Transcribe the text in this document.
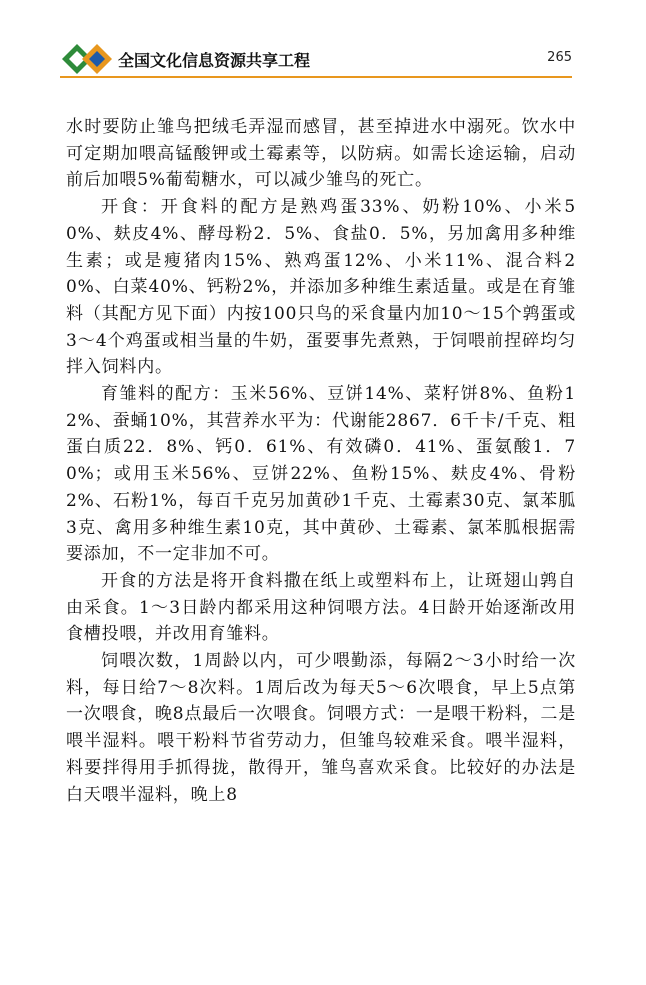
全国文化信息资源共享工程	265

水时要防止雏鸟把绒毛弄湿而感冒，甚至掉进水中溺死。饮水中可定期加喂高锰酸钾或土霉素等，以防病。如需长途运输，启动前后加喂5%葡萄糖水，可以减少雏鸟的死亡。

开食：开食料的配方是熟鸡蛋33%、奶粉10%、小米50%、麸皮4%、酵母粉2．5%、食盐0．5%，另加禽用多种维生素；或是瘦猪肉15%、熟鸡蛋12%、小米11%、混合料20%、白菜40%、钙粉2%，并添加多种维生素适量。或是在育雏料（其配方见下面）内按100只鸟的采食量内加10～15个鹑蛋或3～4个鸡蛋或相当量的牛奶，蛋要事先煮熟，于饲喂前捏碎均匀拌入饲料内。

育雏料的配方：玉米56%、豆饼14%、菜籽饼8%、鱼粉12%、蚕蛹10%，其营养水平为：代谢能2867．6千卡/千克、粗蛋白质22．8%、钙0．61%、有效磷0．41%、蛋氨酸1．70%；或用玉米56%、豆饼22%、鱼粉15%、麸皮4%、骨粉2%、石粉1%，每百千克另加黄砂1千克、土霉素30克、氯苯胍3克、禽用多种维生素10克，其中黄砂、土霉素、氯苯胍根据需要添加，不一定非加不可。

开食的方法是将开食料撒在纸上或塑料布上，让斑翅山鹑自由采食。1～3日龄内都采用这种饲喂方法。4日龄开始逐渐改用食槽投喂，并改用育雏料。

饲喂次数，1周龄以内，可少喂勤添，每隔2～3小时给一次料，每日给7～8次料。1周后改为每天5～6次喂食，早上5点第一次喂食，晚8点最后一次喂食。饲喂方式：一是喂干粉料，二是喂半湿料。喂干粉料节省劳动力，但雏鸟较难采食。喂半湿料，料要拌得用手抓得拢，散得开，雏鸟喜欢采食。比较好的办法是白天喂半湿料，晚上8
